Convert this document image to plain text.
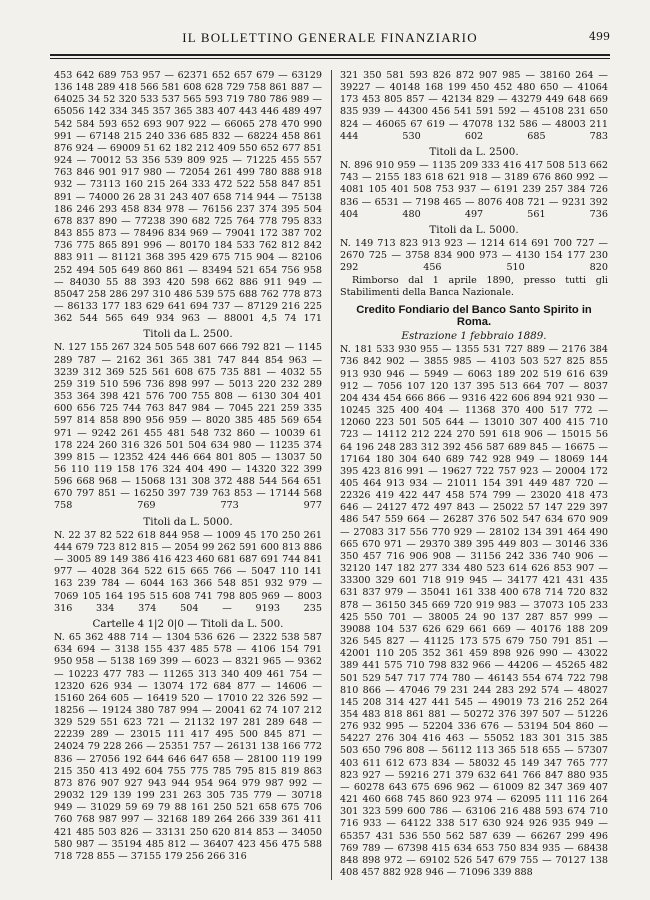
IL BOLLETTINO GENERALE FINANZIARIO	499

453 642 689 753 957 — 62371 652 657 679 — 63129 136 148 289 418 566 581 608 628 729 758 861 887 — 64025 34 52 320 533 537 565 593 719 780 786 989 — 65056 142 334 345 357 365 383 407 443 446 489 497 542 584 593 652 693 907 922 — 66065 278 470 990 991 — 67148 215 240 336 685 832 — 68224 458 861 876 924 — 69009 51 62 182 212 409 550 652 677 851 924 — 70012 53 356 539 809 925 — 71225 455 557 763 846 901 917 980 — 72054 261 499 780 888 918 932 — 73113 160 215 264 333 472 522 558 847 851 891 — 74000 26 28 31 243 407 658 714 944 — 75138 186 246 293 458 834 978 — 76156 237 374 395 504 678 837 890 — 77238 390 682 725 764 778 795 833 843 855 873 — 78496 834 969 — 79041 172 387 702 736 775 865 891 996 — 80170 184 533 762 812 842 883 911 — 81121 368 395 429 675 715 904 — 82106 252 494 505 649 860 861 — 83494 521 654 756 958 — 84030 55 88 393 420 598 662 886 911 949 — 85047 258 286 297 310 486 539 575 688 762 778 873 — 86133 177 183 629 641 694 737 — 87129 216 225 362 544 565 649 934 963 — 88001 4,5 74 171

Titoli da L. 2500.

N. 127 155 267 324 505 548 607 666 792 821 — 1145 289 787 — 2162 361 365 381 747 844 854 963 — 3239 312 369 525 561 608 675 735 881 — 4032 55 259 319 510 596 736 898 997 — 5013 220 232 289 353 364 398 421 576 700 755 808 — 6130 304 401 600 656 725 744 763 847 984 — 7045 221 259 335 597 814 858 890 956 959 — 8020 385 485 569 654 971 — 9242 261 455 481 548 732 860 — 10039 61 178 224 260 316 326 501 504 634 980 — 11235 374 399 815 — 12352 424 446 664 801 805 — 13037 50 56 110 119 158 176 324 404 490 — 14320 322 399 596 668 968 — 15068 131 308 372 488 544 564 651 670 797 851 — 16250 397 739 763 853 — 17144 568 758 769 773 977

Titoli da L. 5000.

N. 22 37 82 522 618 844 958 — 1009 45 170 250 261 444 679 723 812 815 — 2054 99 262 591 600 813 886 — 3005 89 149 386 416 423 460 681 687 691 744 841 977 — 4028 364 522 615 665 766 — 5047 110 141 163 239 784 — 6044 163 366 548 851 932 979 — 7069 105 164 195 515 608 741 798 805 969 — 8003 316 334 374 504 — 9193 235

Cartelle 4 1|2 0|0 — Titoli da L. 500.

N. 65 362 488 714 — 1304 536 626 — 2322 538 587 634 694 — 3138 155 437 485 578 — 4106 154 791 950 958 — 5138 169 399 — 6023 — 8321 965 — 9362 — 10223 477 783 — 11265 313 340 409 461 754 — 12320 626 934 — 13074 172 684 877 — 14606 — 15160 264 605 — 16419 520 — 17010 22 326 592 — 18256 — 19124 380 787 994 — 20041 62 74 107 212 329 529 551 623 721 — 21132 197 281 289 648 — 22239 289 — 23015 111 417 495 500 845 871 — 24024 79 228 266 — 25351 757 — 26131 138 166 772 836 — 27056 192 644 646 647 658 — 28100 119 199 215 350 413 492 604 755 775 785 795 815 819 863 873 876 907 927 943 944 954 964 979 987 992 — 29032 129 139 199 231 263 305 735 779 — 30718 949 — 31029 59 69 79 88 161 250 521 658 675 706 760 768 987 997 — 32168 189 264 266 339 361 411 421 485 503 826 — 33131 250 620 814 853 — 34050 580 987 — 35194 485 812 — 36407 423 456 475 588 718 728 855 — 37155 179 256 266 316

321 350 581 593 826 872 907 985 — 38160 264 — 39227 — 40148 168 199 450 452 480 650 — 41064 173 453 805 857 — 42134 829 — 43279 449 648 669 835 939 — 44300 456 541 591 592 — 45108 231 650 824 — 46065 67 619 — 47078 132 586 — 48003 211 444 530 602 685 783

Titoli da L. 2500.

N. 896 910 959 — 1135 209 333 416 417 508 513 662 743 — 2155 183 618 621 918 — 3189 676 860 992 — 4081 105 401 508 753 937 — 6191 239 257 384 726 836 — 6531 — 7198 465 — 8076 408 721 — 9231 392 404 480 497 561 736

Titoli da L. 5000.

N. 149 713 823 913 923 — 1214 614 691 700 727 — 2670 725 — 3758 834 900 973 — 4130 154 177 230 292 456 510 820

Rimborso dal 1 aprile 1890, presso tutti gli Stabilimenti della Banca Nazionale.

Credito Fondiario del Banco Santo Spirito in Roma.

Estrazione 1 febbraio 1889.

N. 181 533 930 955 — 1355 531 727 889 — 2176 384 736 842 902 — 3855 985 — 4103 503 527 825 855 913 930 946 — 5949 — 6063 189 202 519 616 639 912 — 7056 107 120 137 395 513 664 707 — 8037 204 434 454 666 866 — 9316 422 606 894 921 930 — 10245 325 400 404 — 11368 370 400 517 772 — 12060 223 501 505 644 — 13010 307 400 415 710 723 — 14112 212 224 270 591 618 906 — 15015 56 64 196 248 283 312 392 456 587 689 845 — 16675 — 17164 180 304 640 689 742 928 949 — 18069 144 395 423 816 991 — 19627 722 757 923 — 20004 172 405 464 913 934 — 21011 154 391 449 487 720 — 22326 419 422 447 458 574 799 — 23020 418 473 646 — 24127 472 497 843 — 25022 57 147 229 397 486 547 559 664 — 26287 376 502 547 634 670 909 — 27083 317 556 770 929 — 28102 134 391 464 490 665 670 971 — 29370 389 395 449 803 — 30146 336 350 457 716 906 908 — 31156 242 336 740 906 — 32120 147 182 277 334 480 523 614 626 853 907 — 33300 329 601 718 919 945 — 34177 421 431 435 631 837 979 — 35041 161 338 400 678 714 720 832 878 — 36150 345 669 720 919 983 — 37073 105 233 425 550 701 — 38005 24 90 137 287 857 999 — 39088 104 537 626 629 661 669 — 40176 188 209 326 545 827 — 41125 173 575 679 750 791 851 — 42001 110 205 352 361 459 898 926 990 — 43022 389 441 575 710 798 832 966 — 44206 — 45265 482 501 529 547 717 774 780 — 46143 554 674 722 798 810 866 — 47046 79 231 244 283 292 574 — 48027 145 208 314 427 441 545 — 49019 73 216 252 264 354 483 818 861 881 — 50272 376 397 507 — 51226 276 932 995 — 52204 336 676 — 53194 504 860 — 54227 276 304 416 463 — 55052 183 301 315 385 503 650 796 808 — 56112 113 365 518 655 — 57307 403 611 612 673 834 — 58032 45 149 347 765 777 823 927 — 59216 271 379 632 641 766 847 880 935 — 60278 643 675 696 962 — 61009 82 347 369 407 421 460 668 745 860 923 974 — 62095 111 116 264 301 323 599 600 786 — 63106 216 488 593 674 710 716 933 — 64122 338 517 630 924 926 935 949 — 65357 431 536 550 562 587 639 — 66267 299 496 769 789 — 67398 415 634 653 750 834 935 — 68438 848 898 972 — 69102 526 547 679 755 — 70127 138 408 457 882 928 946 — 71096 339 888
